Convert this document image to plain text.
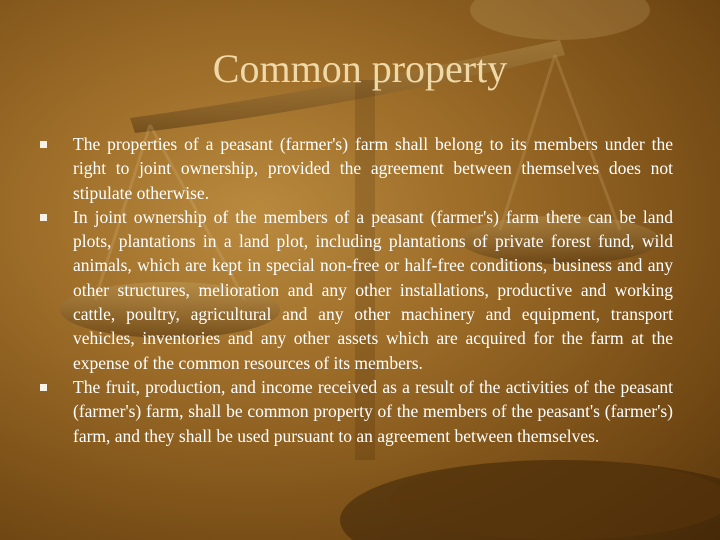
Common property
The properties of a peasant (farmer's) farm shall belong to its members under the right to joint ownership, provided the agreement between themselves does not stipulate otherwise.
In joint ownership of the members of a peasant (farmer's) farm there can be land plots, plantations in a land plot, including plantations of private forest fund, wild animals, which are kept in special non-free or half-free conditions, business and any other structures, melioration and any other installations, productive and working cattle, poultry, agricultural and any other machinery and equipment, transport vehicles, inventories and any other assets which are acquired for the farm at the expense of the common resources of its members.
The fruit, production, and income received as a result of the activities of the peasant (farmer's) farm, shall be common property of the members of the peasant's (farmer's) farm, and they shall be used pursuant to an agreement between themselves.
